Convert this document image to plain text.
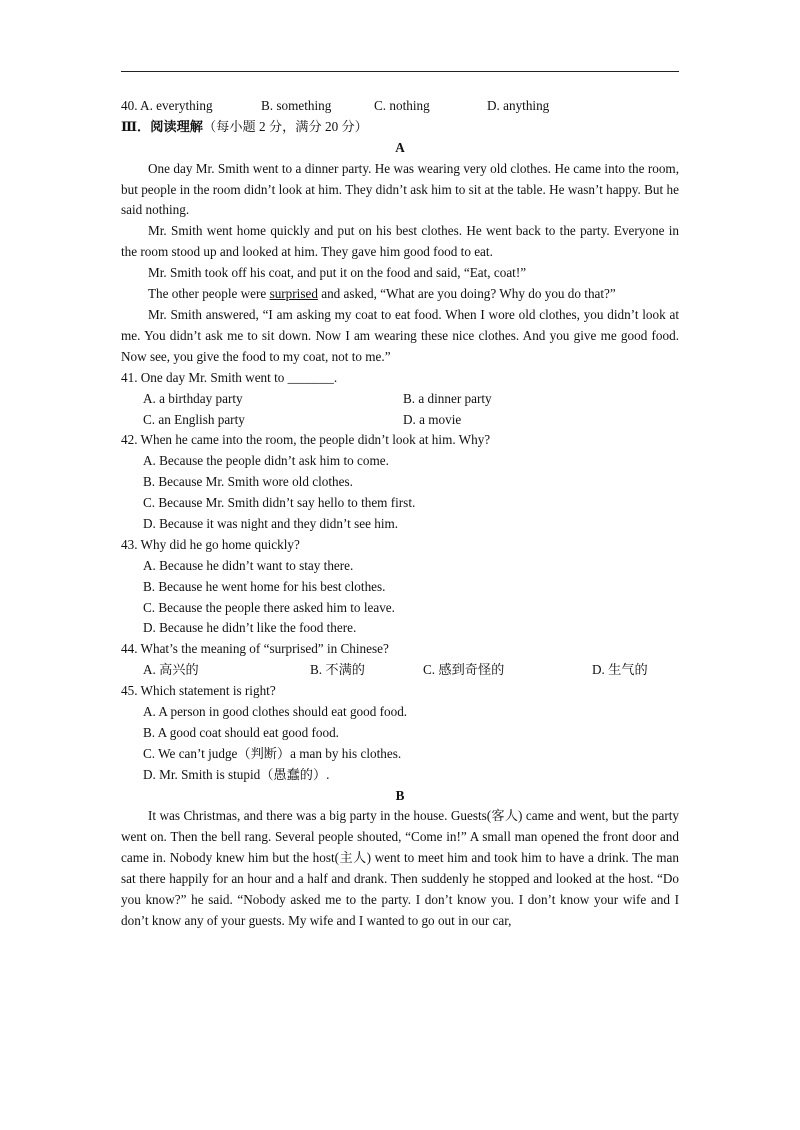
40. A. everything	B. something	C. nothing	D. anything
Ⅲ．阅读理解（每小题 2 分，满分 20 分）
A

One day Mr. Smith went to a dinner party. He was wearing very old clothes. He came into the room, but people in the room didn’t look at him. They didn’t ask him to sit at the table. He wasn’t happy. But he said nothing.

Mr. Smith went home quickly and put on his best clothes. He went back to the party. Everyone in the room stood up and looked at him. They gave him good food to eat.

Mr. Smith took off his coat, and put it on the food and said, “Eat, coat!”

The other people were surprised and asked, “What are you doing? Why do you do that?”

Mr. Smith answered, “I am asking my coat to eat food. When I wore old clothes, you didn’t look at me. You didn’t ask me to sit down. Now I am wearing these nice clothes. And you give me good food. Now see, you give the food to my coat, not to me.”

41. One day Mr. Smith went to _______.
A. a birthday party	B. a dinner party
C. an English party	D. a movie
42. When he came into the room, the people didn’t look at him. Why?
A. Because the people didn’t ask him to come.
B. Because Mr. Smith wore old clothes.
C. Because Mr. Smith didn’t say hello to them first.
D. Because it was night and they didn’t see him.
43. Why did he go home quickly?
A. Because he didn’t want to stay there.
B. Because he went home for his best clothes.
C. Because the people there asked him to leave.
D. Because he didn’t like the food there.
44. What’s the meaning of “surprised” in Chinese?
A. 高兴的	B. 不满的	C. 感到奇怪的	D. 生气的
45. Which statement is right?
A. A person in good clothes should eat good food.
B. A good coat should eat good food.
C. We can’t judge（判断）a man by his clothes.
D. Mr. Smith is stupid（愚蠢的）.
B

It was Christmas, and there was a big party in the house. Guests(客人) came and went, but the party went on. Then the bell rang. Several people shouted, “Come in!” A small man opened the front door and came in. Nobody knew him but the host(主人) went to meet him and took him to have a drink. The man sat there happily for an hour and a half and drank. Then suddenly he stopped and looked at the host. “Do you know?” he said. “Nobody asked me to the party. I don’t know you. I don’t know your wife and I don’t know any of your guests. My wife and I wanted to go out in our car,
